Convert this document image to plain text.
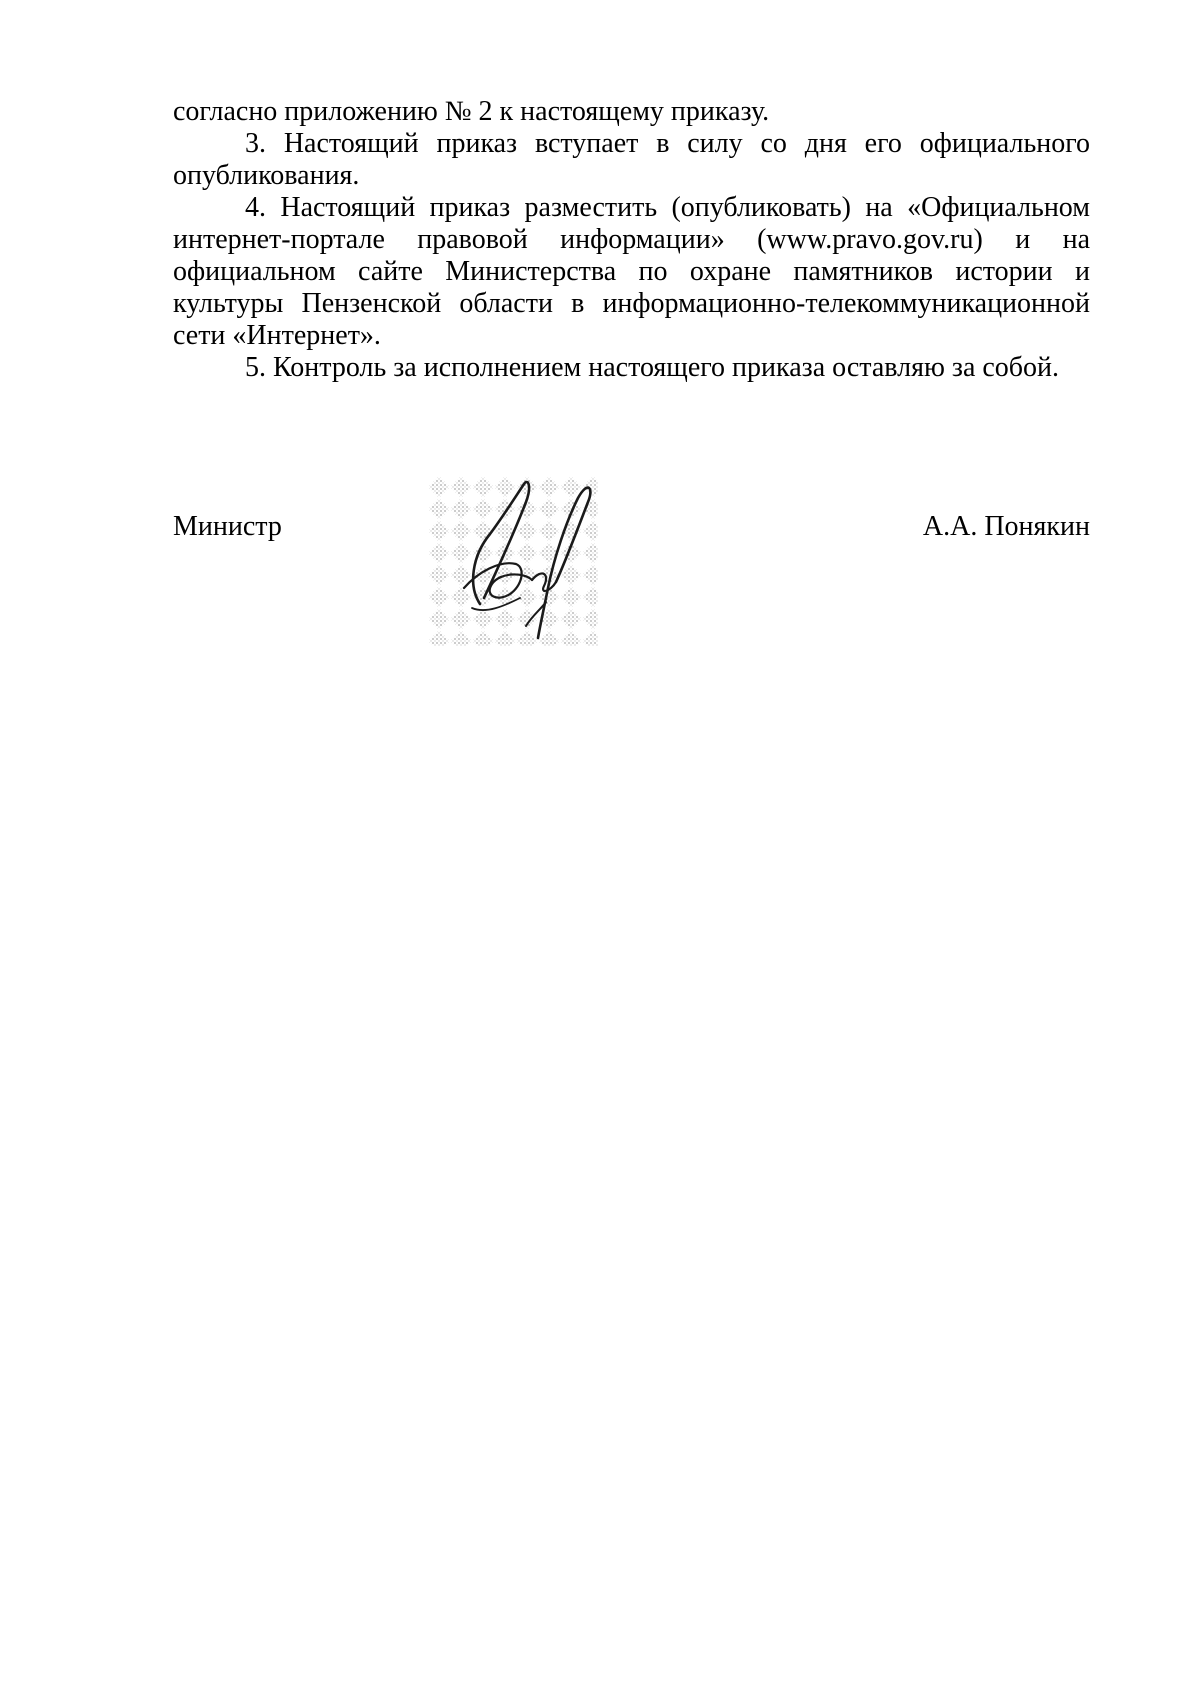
согласно приложению № 2 к настоящему приказу.

3. Настоящий приказ вступает в силу со дня его официального опубликования.

4. Настоящий приказ разместить (опубликовать) на «Официальном интернет-портале правовой информации» (www.pravo.gov.ru) и на официальном сайте Министерства по охране памятников истории и культуры Пензенской области в информационно-телекоммуникационной сети «Интернет».

5. Контроль за исполнением настоящего приказа оставляю за собой.

Министр	А.А. Понякин
